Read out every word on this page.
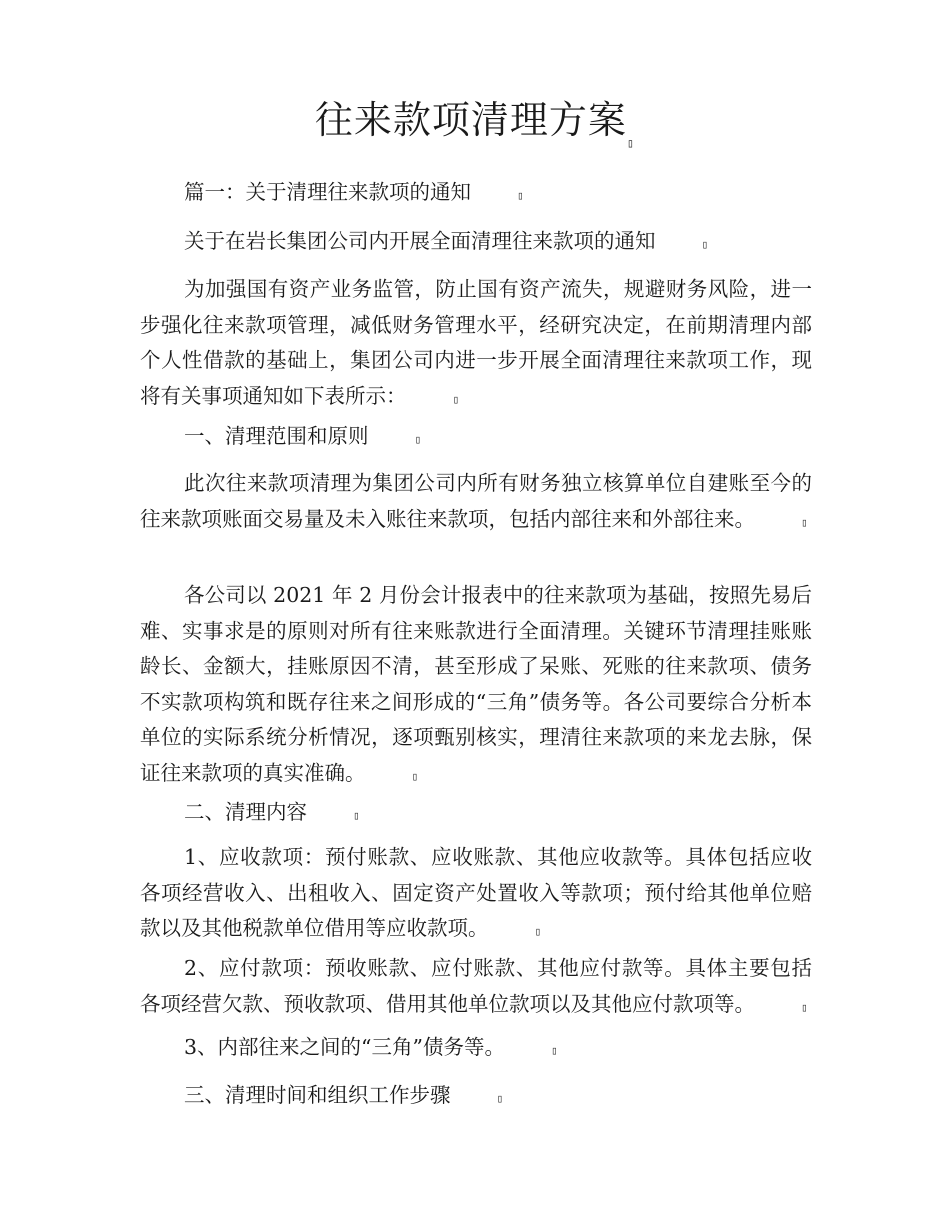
往来款项清理方案▯

篇一：关于清理往来款项的通知	▯

关于在岩长集团公司内开展全面清理往来款项的通知	▯

为加强国有资产业务监管，防止国有资产流失，规避财务风险，进一步强化往来款项管理，减低财务管理水平，经研究决定，在前期清理内部个人性借款的基础上，集团公司内进一步开展全面清理往来款项工作，现将有关事项通知如下表所示：	▯

一、清理范围和原则	▯

此次往来款项清理为集团公司内所有财务独立核算单位自建账至今的往来款项账面交易量及未入账往来款项，包括内部往来和外部往来。	▯

各公司以 2021 年 2 月份会计报表中的往来款项为基础，按照先易后难、实事求是的原则对所有往来账款进行全面清理。关键环节清理挂账账龄长、金额大，挂账原因不清，甚至形成了呆账、死账的往来款项、债务不实款项构筑和既存往来之间形成的“三角”债务等。各公司要综合分析本单位的实际系统分析情况，逐项甄别核实，理清往来款项的来龙去脉，保证往来款项的真实准确。	▯

二、清理内容	▯

1、应收款项：预付账款、应收账款、其他应收款等。具体包括应收各项经营收入、出租收入、固定资产处置收入等款项；预付给其他单位赔款以及其他税款单位借用等应收款项。	▯

2、应付款项：预收账款、应付账款、其他应付款等。具体主要包括各项经营欠款、预收款项、借用其他单位款项以及其他应付款项等。	▯

3、内部往来之间的“三角”债务等。	▯

三、清理时间和组织工作步骤	▯
